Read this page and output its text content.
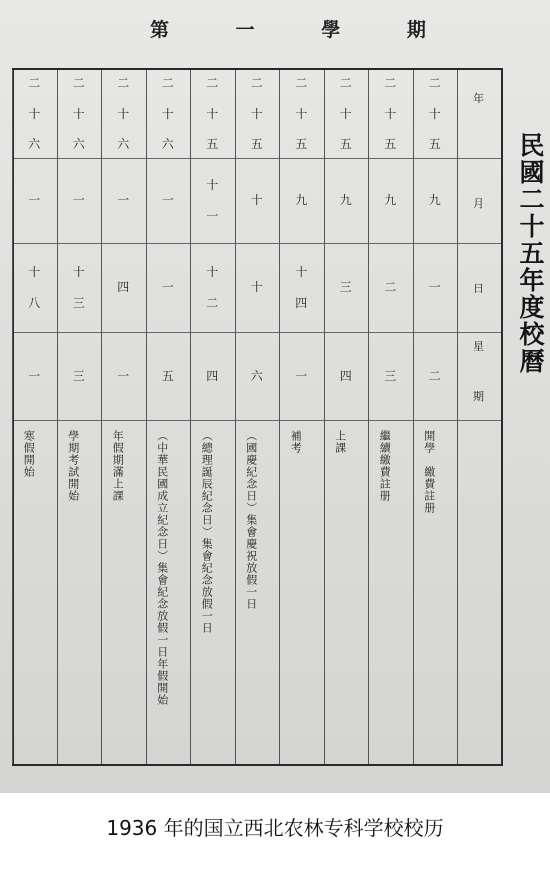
第 一 學 期
年
月
日
星
期
二
十
五
九
一
二
開學　繳費註册
二
十
五
九
二
三
繼續繳費註册
二
十
五
九
三
四
上課
二
十
五
九
十
四
一
補考
二
十
五
十
十
六
（國慶紀念日）集會慶祝放假一日
二
十
五
十
一
十
二
四
（總理誕辰紀念日）集會紀念放假一日
二
十
六
一
一
五
（中華民國成立紀念日）集會紀念放假一日年假開始
二
十
六
一
四
一
年假期滿上課
二
十
六
一
十
三
三
學期考試開始
二
十
六
一
十
八
一
寒假開始
民國二十五年度校曆
1936 年的国立西北农林专科学校校历
